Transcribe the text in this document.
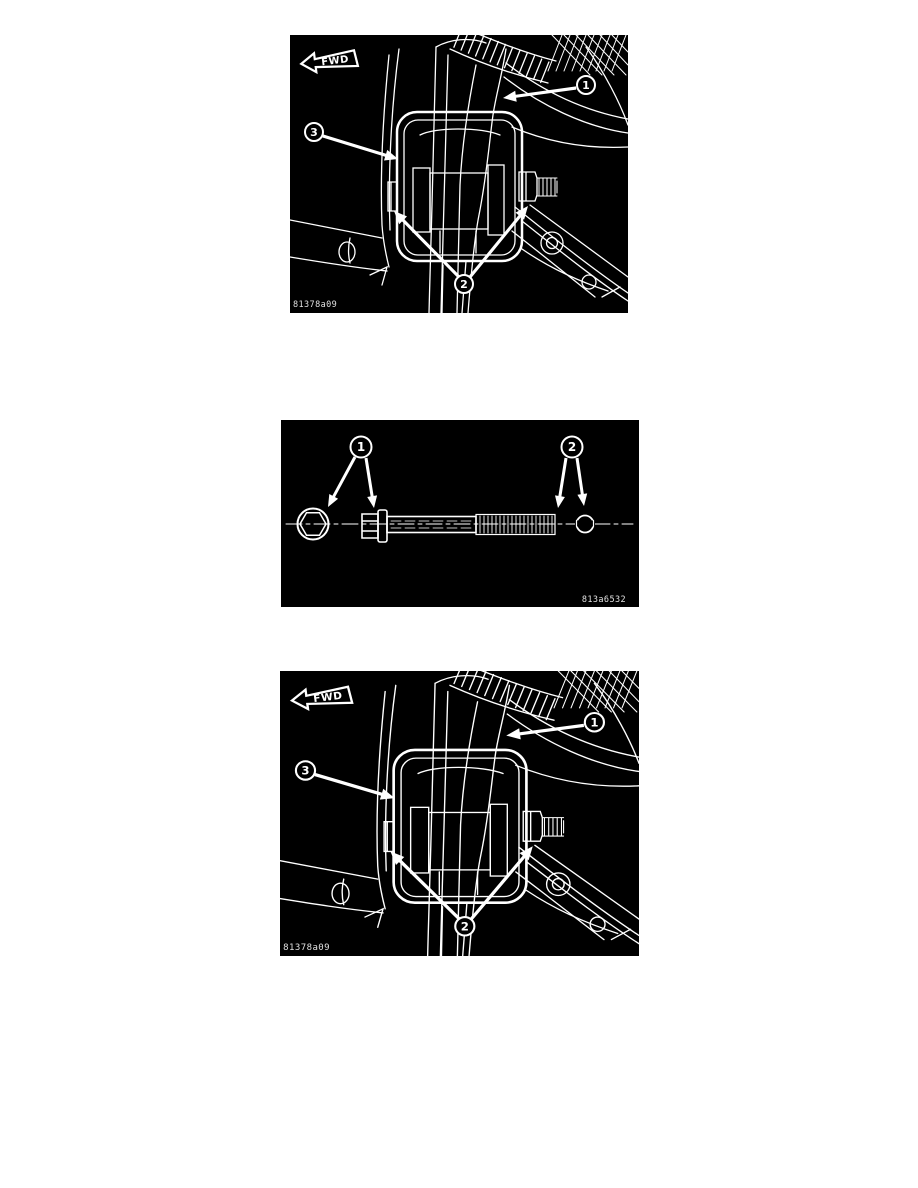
FWD
1
3
2
81378a09
1	2
813a6532
FWD
1
3
2
81378a09
